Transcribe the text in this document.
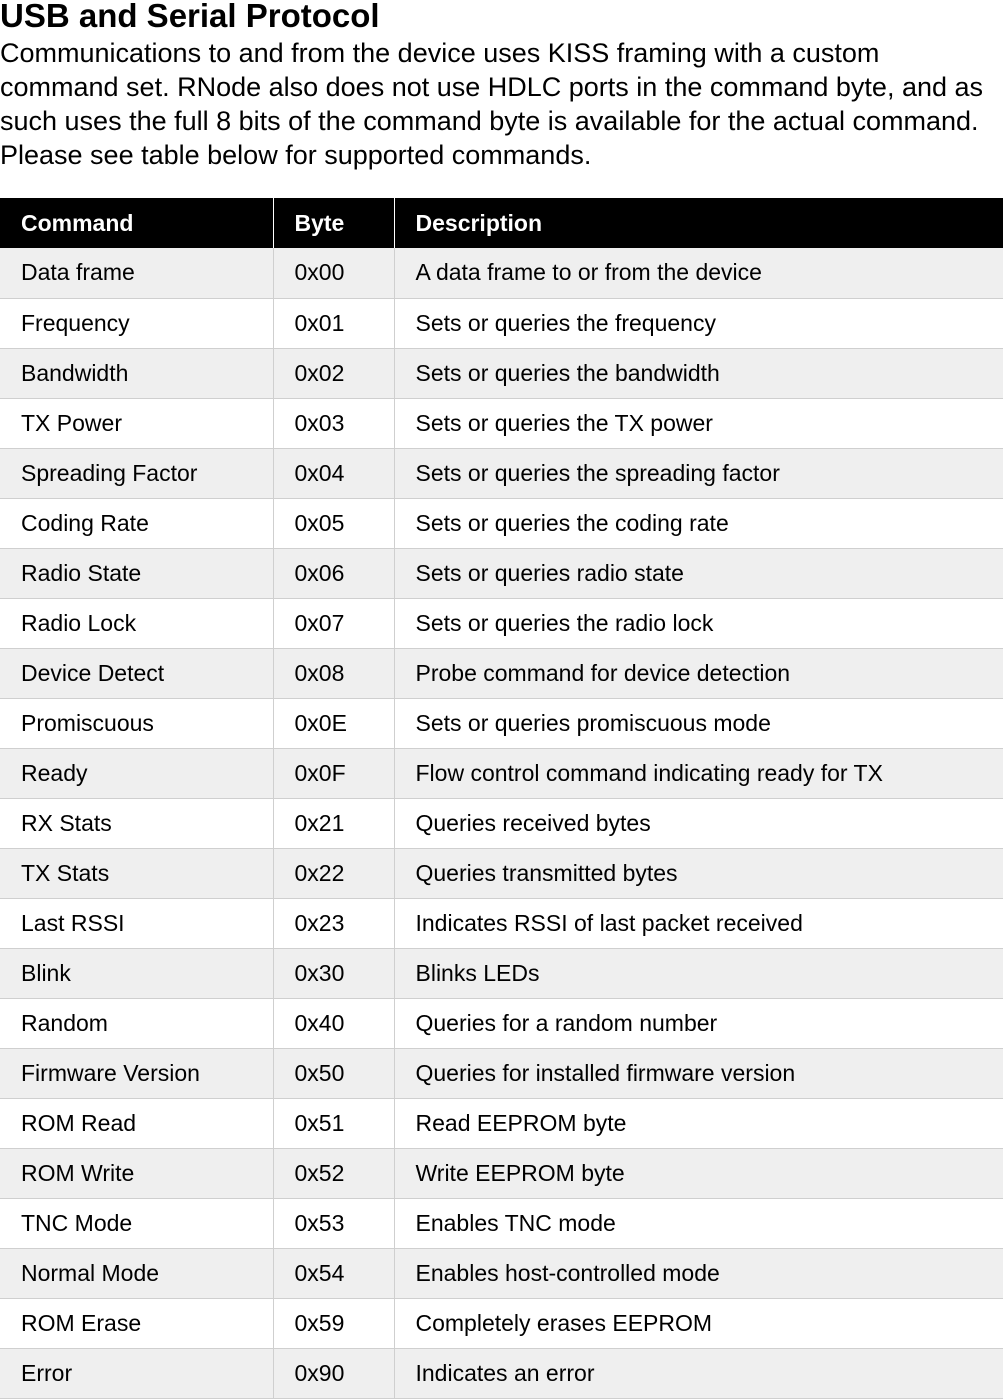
USB and Serial Protocol

Communications to and from the device uses KISS framing with a custom command set. RNode also does not use HDLC ports in the command byte, and as such uses the full 8 bits of the command byte is available for the actual command. Please see table below for supported commands.

Command	Byte	Description
Data frame	0x00	A data frame to or from the device
Frequency	0x01	Sets or queries the frequency
Bandwidth	0x02	Sets or queries the bandwidth
TX Power	0x03	Sets or queries the TX power
Spreading Factor	0x04	Sets or queries the spreading factor
Coding Rate	0x05	Sets or queries the coding rate
Radio State	0x06	Sets or queries radio state
Radio Lock	0x07	Sets or queries the radio lock
Device Detect	0x08	Probe command for device detection
Promiscuous	0x0E	Sets or queries promiscuous mode
Ready	0x0F	Flow control command indicating ready for TX
RX Stats	0x21	Queries received bytes
TX Stats	0x22	Queries transmitted bytes
Last RSSI	0x23	Indicates RSSI of last packet received
Blink	0x30	Blinks LEDs
Random	0x40	Queries for a random number
Firmware Version	0x50	Queries for installed firmware version
ROM Read	0x51	Read EEPROM byte
ROM Write	0x52	Write EEPROM byte
TNC Mode	0x53	Enables TNC mode
Normal Mode	0x54	Enables host-controlled mode
ROM Erase	0x59	Completely erases EEPROM
Error	0x90	Indicates an error
